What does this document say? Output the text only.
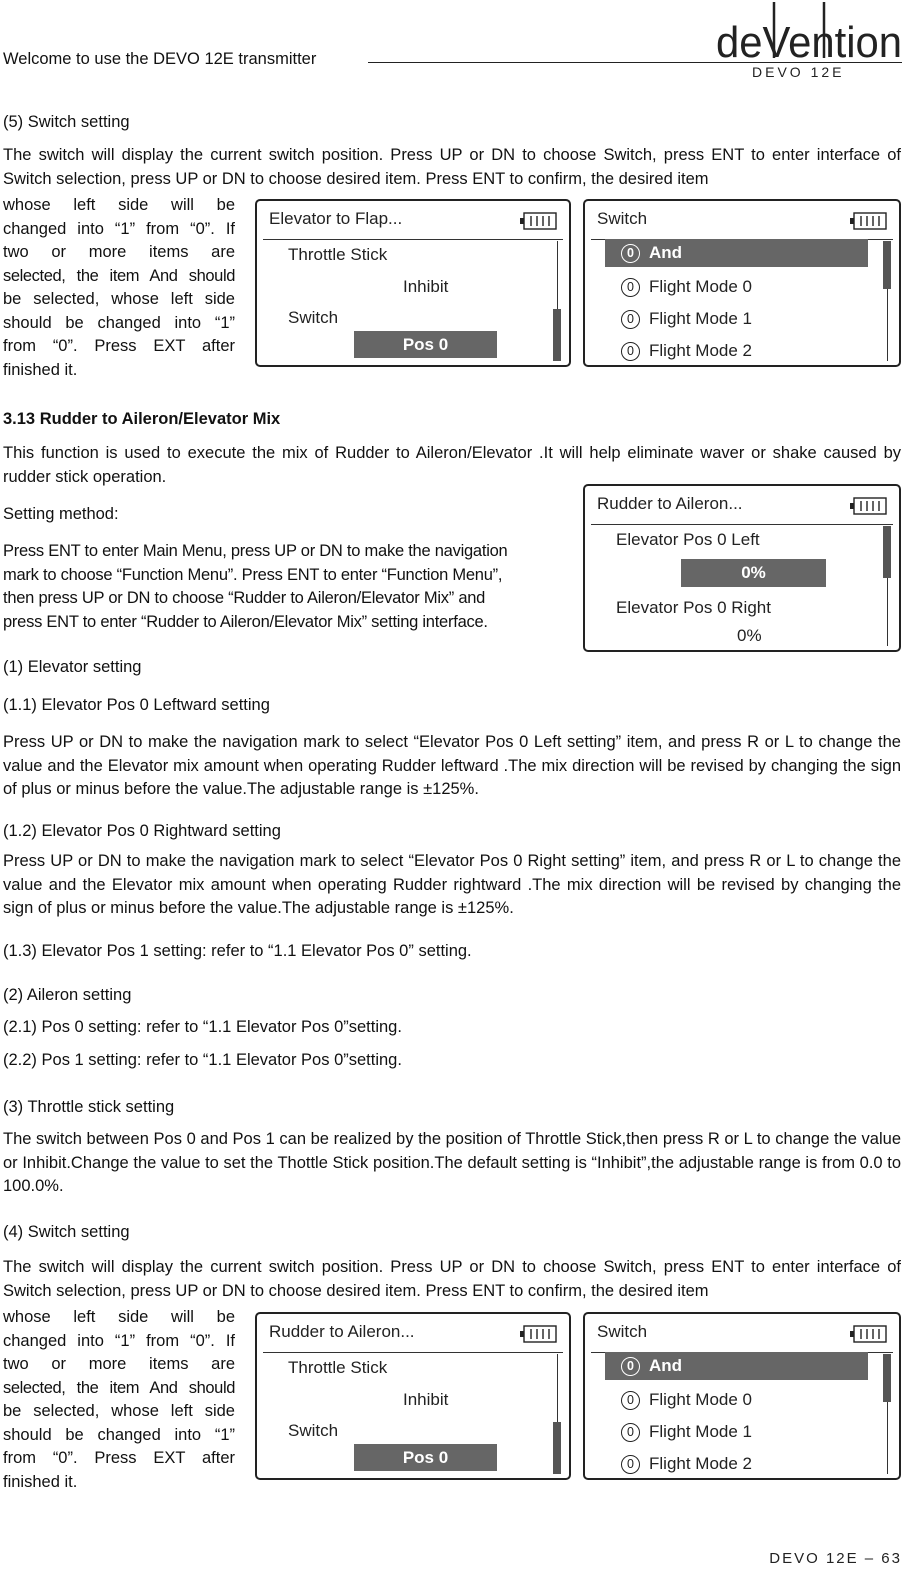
Welcome to use the DEVO 12E transmitter	deVention
DEVO 12E
(5) Switch setting
The switch will display the current switch position. Press UP or DN to choose Switch, press ENT to enter interface of Switch selection, press UP or DN to choose desired item. Press ENT to confirm, the desired item
whose left side will be
changed into “1” from “0”. If
two or more items are
selected, the item And should
be selected, whose left side
should be changed into “1”
from “0”. Press EXT after
finished it.
Elevator to Flap...
Throttle Stick
Inhibit
Switch
Pos 0
Switch
0 And
0 Flight Mode 0
0 Flight Mode 1
0 Flight Mode 2
3.13 Rudder to Aileron/Elevator Mix
This function is used to execute the mix of Rudder to Aileron/Elevator .It will help eliminate waver or shake caused by rudder stick operation.
Setting method:
Press ENT to enter Main Menu, press UP or DN to make the navigation
mark to choose “Function Menu”. Press ENT to enter “Function Menu”,
then press UP or DN to choose “Rudder to Aileron/Elevator Mix” and
press ENT to enter “Rudder to Aileron/Elevator Mix” setting interface.
Rudder to Aileron...
Elevator Pos 0 Left
0%
Elevator Pos 0 Right
0%
(1) Elevator setting
(1.1) Elevator Pos 0 Leftward setting
Press UP or DN to make the navigation mark to select “Elevator Pos 0 Left setting” item, and press R or L to change the value and the Elevator mix amount when operating Rudder leftward .The mix direction will be revised by changing the sign of plus or minus before the value.The adjustable range is ±125%.
(1.2) Elevator Pos 0 Rightward setting
Press UP or DN to make the navigation mark to select “Elevator Pos 0 Right setting” item, and press R or L to change the value and the Elevator mix amount when operating Rudder rightward .The mix direction will be revised by changing the sign of plus or minus before the value.The adjustable range is ±125%.
(1.3) Elevator Pos 1 setting: refer to “1.1 Elevator Pos 0” setting.
(2) Aileron setting
(2.1) Pos 0 setting: refer to “1.1 Elevator Pos 0”setting.
(2.2) Pos 1 setting: refer to “1.1 Elevator Pos 0”setting.
(3) Throttle stick setting
The switch between Pos 0 and Pos 1 can be realized by the position of Throttle Stick,then press R or L to change the value or Inhibit.Change the value to set the Thottle Stick position.The default setting is “Inhibit”,the adjustable range is from 0.0 to 100.0%.
(4) Switch setting
The switch will display the current switch position. Press UP or DN to choose Switch, press ENT to enter interface of Switch selection, press UP or DN to choose desired item. Press ENT to confirm, the desired item
whose left side will be
changed into “1” from “0”. If
two or more items are
selected, the item And should
be selected, whose left side
should be changed into “1”
from “0”. Press EXT after
finished it.
Rudder to Aileron...
Throttle Stick
Inhibit
Switch
Pos 0
Switch
0 And
0 Flight Mode 0
0 Flight Mode 1
0 Flight Mode 2
DEVO 12E – 63
